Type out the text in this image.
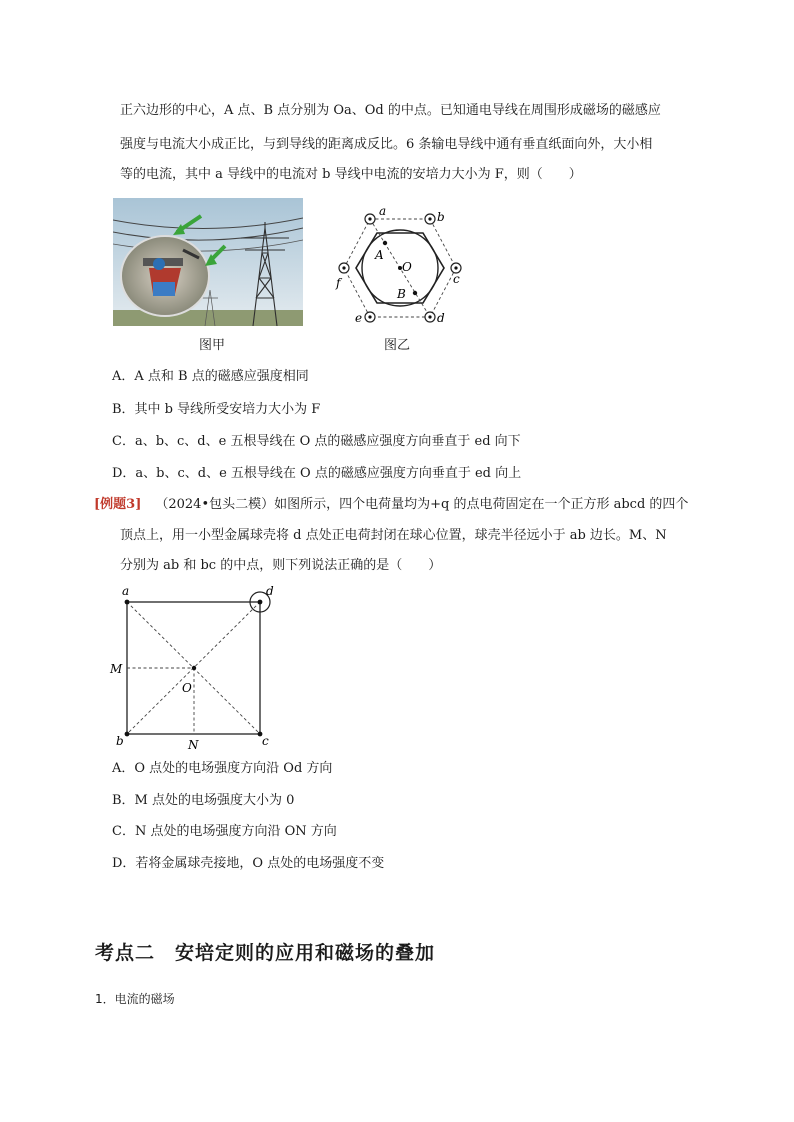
正六边形的中心，A 点、B 点分别为 Oa、Od 的中点。已知通电导线在周围形成磁场的磁感应
强度与电流大小成正比，与到导线的距离成反比。6 条输电导线中通有垂直纸面向外，大小相
等的电流，其中 a 导线中的电流对 b 导线中电流的安培力大小为 F，则（　　）
a	b
c
d
e
f
A
O
B
图甲	图乙
A．A 点和 B 点的磁感应强度相同
B．其中 b 导线所受安培力大小为 F
C．a、b、c、d、e 五根导线在 O 点的磁感应强度方向垂直于 ed 向下
D．a、b、c、d、e 五根导线在 O 点的磁感应强度方向垂直于 ed 向上
[例题3] （2024•包头二模）如图所示，四个电荷量均为+q 的点电荷固定在一个正方形 abcd 的四个
顶点上，用一小型金属球壳将 d 点处正电荷封闭在球心位置，球壳半径远小于 ab 边长。M、N
分别为 ab 和 bc 的中点，则下列说法正确的是（　　）
a	d
b	c
M
N
O
A．O 点处的电场强度方向沿 Od 方向
B．M 点处的电场强度大小为 0
C．N 点处的电场强度方向沿 ON 方向
D．若将金属球壳接地，O 点处的电场强度不变
考点二　安培定则的应用和磁场的叠加
1．电流的磁场
